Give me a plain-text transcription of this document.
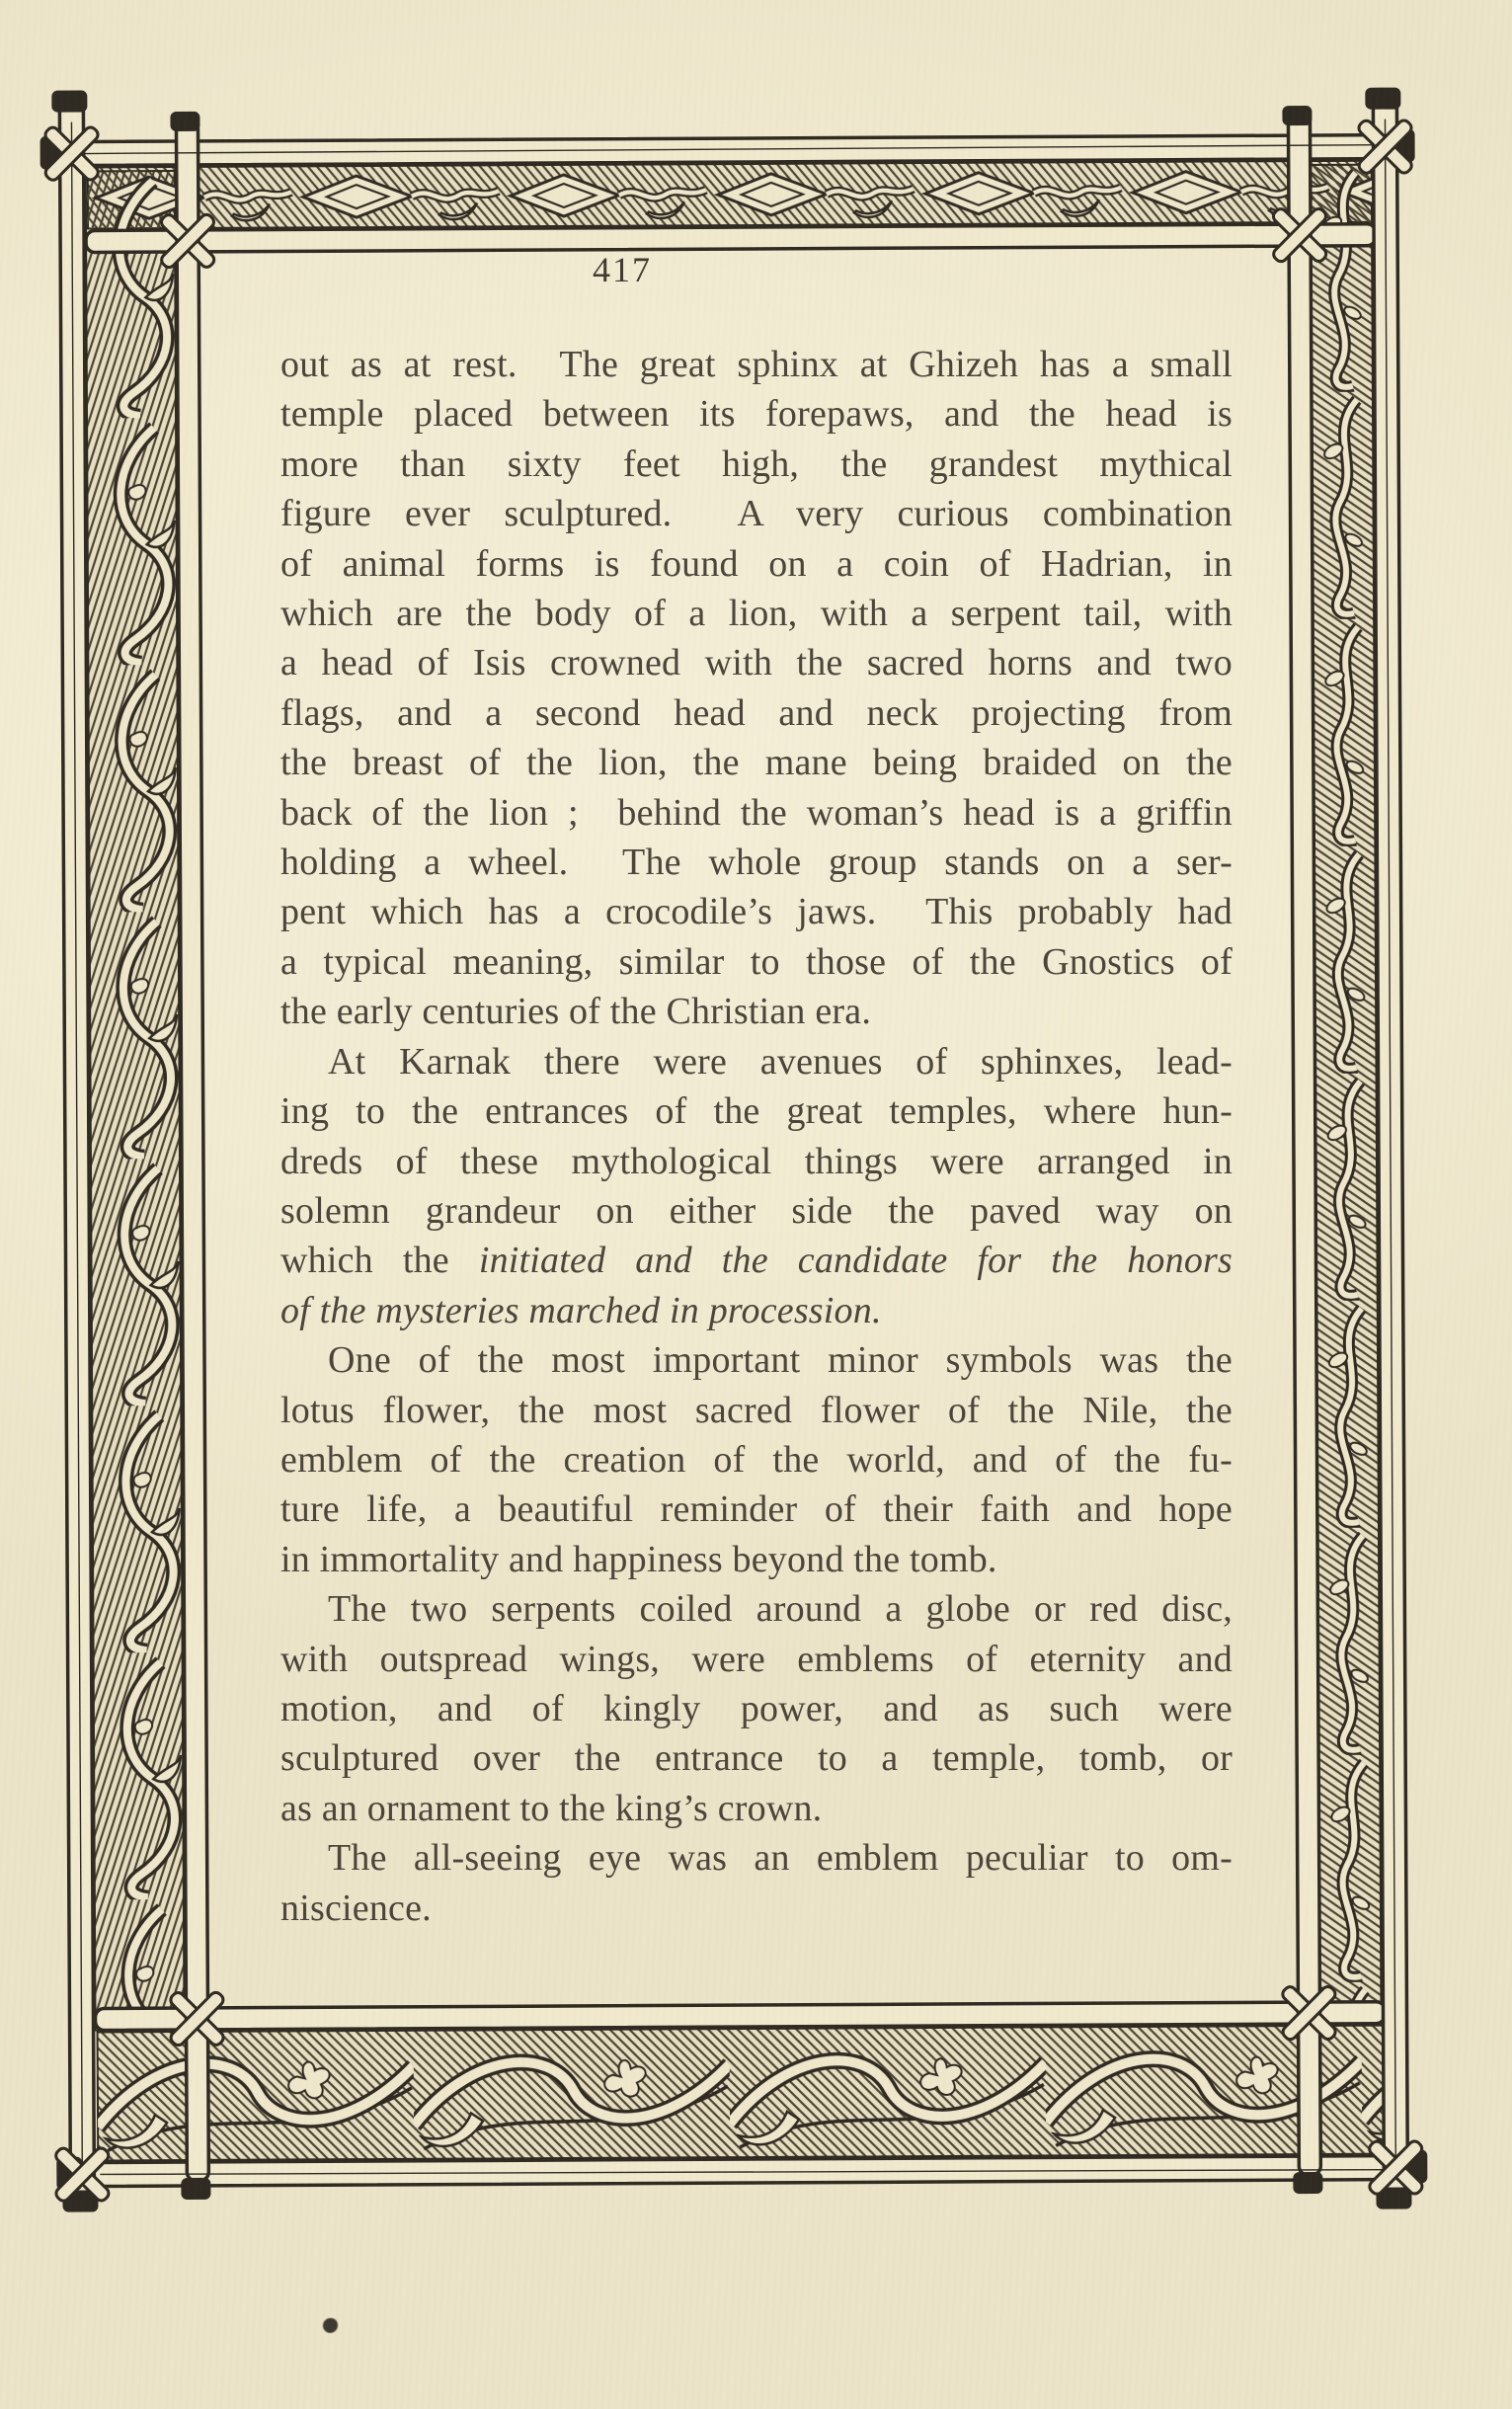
417
out as at rest.  The great sphinx at Ghizeh has a small
temple placed between its forepaws, and the head is
more than sixty feet high, the grandest mythical
figure ever sculptured.  A very curious combination
of animal forms is found on a coin of Hadrian, in
which are the body of a lion, with a serpent tail, with
a head of Isis crowned with the sacred horns and two
flags, and a second head and neck projecting from
the breast of the lion, the mane being braided on the
back of the lion ;  behind the woman’s head is a griffin
holding a wheel.  The whole group stands on a ser-
pent which has a crocodile’s jaws.  This probably had
a typical meaning, similar to those of the Gnostics of
the early centuries of the Christian era.
At Karnak there were avenues of sphinxes, lead-
ing to the entrances of the great temples, where hun-
dreds of these mythological things were arranged in
solemn grandeur on either side the paved way on
which the initiated and the candidate for the honors
of the mysteries marched in procession.
One of the most important minor symbols was the
lotus flower, the most sacred flower of the Nile, the
emblem of the creation of the world, and of the fu-
ture life, a beautiful reminder of their faith and hope
in immortality and happiness beyond the tomb.
The two serpents coiled around a globe or red disc,
with outspread wings, were emblems of eternity and
motion, and of kingly power, and as such were
sculptured over the entrance to a temple, tomb, or
as an ornament to the king’s crown.
The all-seeing eye was an emblem peculiar to om-
niscience.
